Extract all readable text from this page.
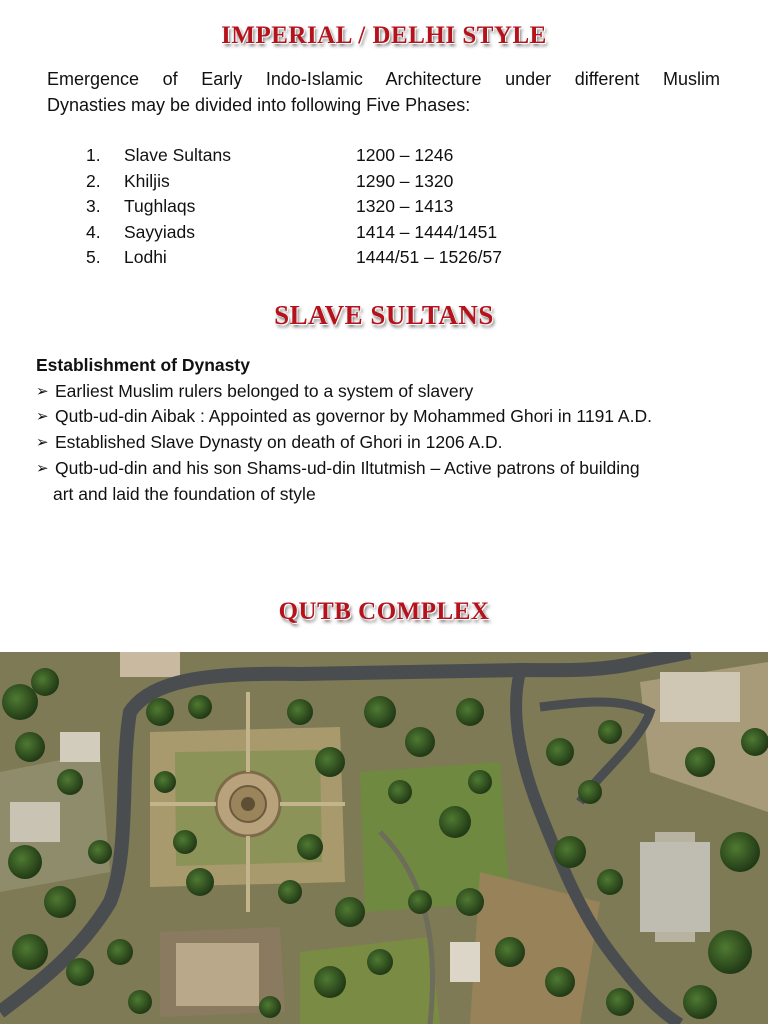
IMPERIAL / DELHI STYLE
Emergence of Early Indo-Islamic Architecture under different Muslim
Dynasties may be divided into following Five Phases:
1.	Slave Sultans	1200 – 1246
2.	Khiljis	1290 – 1320
3.	Tughlaqs	1320 – 1413
4.	Sayyiads	1414 – 1444/1451
5.	Lodhi	1444/51 – 1526/57
SLAVE SULTANS
Establishment of Dynasty
➢ Earliest Muslim rulers belonged to a system of slavery
➢ Qutb-ud-din Aibak : Appointed as governor by Mohammed Ghori in 1191 A.D.
➢ Established Slave Dynasty on death of Ghori in 1206 A.D.
➢ Qutb-ud-din and his son Shams-ud-din Iltutmish – Active patrons of building
art and laid the foundation of style
QUTB COMPLEX
